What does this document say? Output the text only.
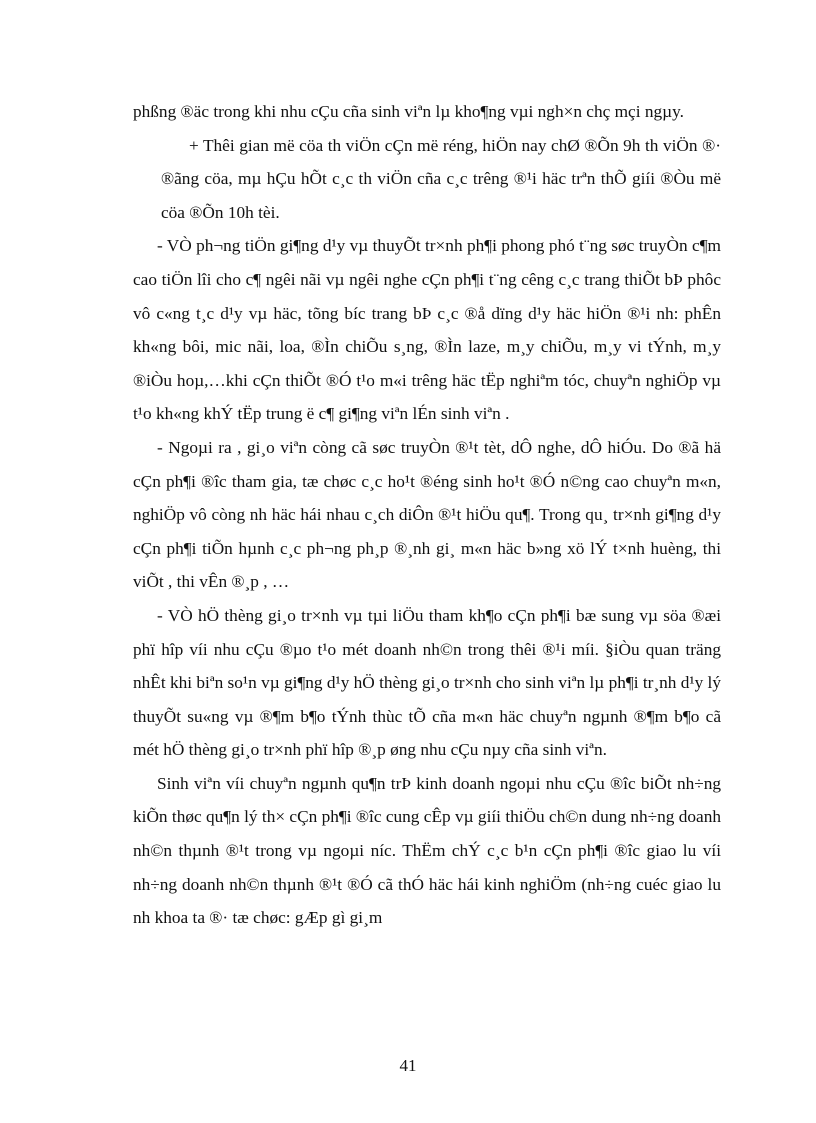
phßng ®äc trong khi nhu cÇu cña sinh viªn lµ kho¶ng vµi ngh×n chç mçi ngµy.

+ Thêi gian më cöa th viÖn cÇn më réng, hiÖn nay chØ ®Õn 9h th viÖn ®· ®ãng cöa, mµ hÇu hÕt c¸c th viÖn cña c¸c trêng ®¹i häc trªn thÕ giíi ®Òu më cöa ®Õn 10h tèi.

- VÒ ph¬ng tiÖn gi¶ng d¹y vµ thuyÕt tr×nh ph¶i phong phó t¨ng søc truyÒn c¶m cao tiÖn lîi cho c¶ ngêi nãi vµ ngêi nghe cÇn ph¶i t¨ng cêng c¸c trang thiÕt bÞ phôc vô c«ng t¸c d¹y vµ häc, tõng bíc trang bÞ c¸c ®å dïng d¹y häc hiÖn ®¹i nh: phÊn kh«ng bôi, mic nãi, loa, ®Ìn chiÕu s¸ng, ®Ìn laze, m¸y chiÕu, m¸y vi tÝnh, m¸y ®iÒu hoµ,…khi cÇn thiÕt ®Ó t¹o m«i trêng häc tËp nghiªm tóc, chuyªn nghiÖp vµ t¹o kh«ng khÝ tËp trung ë c¶ gi¶ng viªn lÉn sinh viªn .

- Ngoµi ra , gi¸o viªn còng cã søc truyÒn ®¹t tèt, dÔ nghe, dÔ hiÓu. Do ®ã hä cÇn ph¶i ®îc tham gia, tæ chøc c¸c ho¹t ®éng sinh ho¹t ®Ó n©ng cao chuyªn m«n, nghiÖp vô còng nh häc hái nhau c¸ch diÔn ®¹t hiÖu qu¶. Trong qu¸ tr×nh gi¶ng d¹y cÇn ph¶i tiÕn hµnh c¸c ph¬ng ph¸p ®¸nh gi¸ m«n häc b»ng xö lÝ t×nh huèng, thi viÕt , thi vÊn ®¸p , …

- VÒ hÖ thèng gi¸o tr×nh vµ tµi liÖu tham kh¶o cÇn ph¶i bæ sung vµ söa ®æi phï hîp víi nhu cÇu ®µo t¹o mét doanh nh©n trong thêi ®¹i míi. §iÒu quan träng nhÊt khi biªn so¹n vµ gi¶ng d¹y hÖ thèng gi¸o tr×nh cho sinh viªn lµ ph¶i tr¸nh d¹y lý thuyÕt su«ng vµ ®¶m b¶o tÝnh thùc tÕ cña m«n häc chuyªn ngµnh ®¶m b¶o cã mét hÖ thèng gi¸o tr×nh phï hîp ®¸p øng nhu cÇu nµy cña sinh viªn.

Sinh viªn víi chuyªn ngµnh qu¶n trÞ kinh doanh ngoµi nhu cÇu ®îc biÕt nh÷ng kiÕn thøc qu¶n lý th× cÇn ph¶i ®îc cung cÊp vµ giíi thiÖu ch©n dung nh÷ng doanh nh©n thµnh ®¹t trong vµ ngoµi níc. ThËm chÝ c¸c b¹n cÇn ph¶i ®îc giao lu víi nh÷ng doanh nh©n thµnh ®¹t ®Ó cã thÓ häc hái kinh nghiÖm (nh÷ng cuéc giao lu nh khoa ta ®· tæ chøc: gÆp gì gi¸m

41
